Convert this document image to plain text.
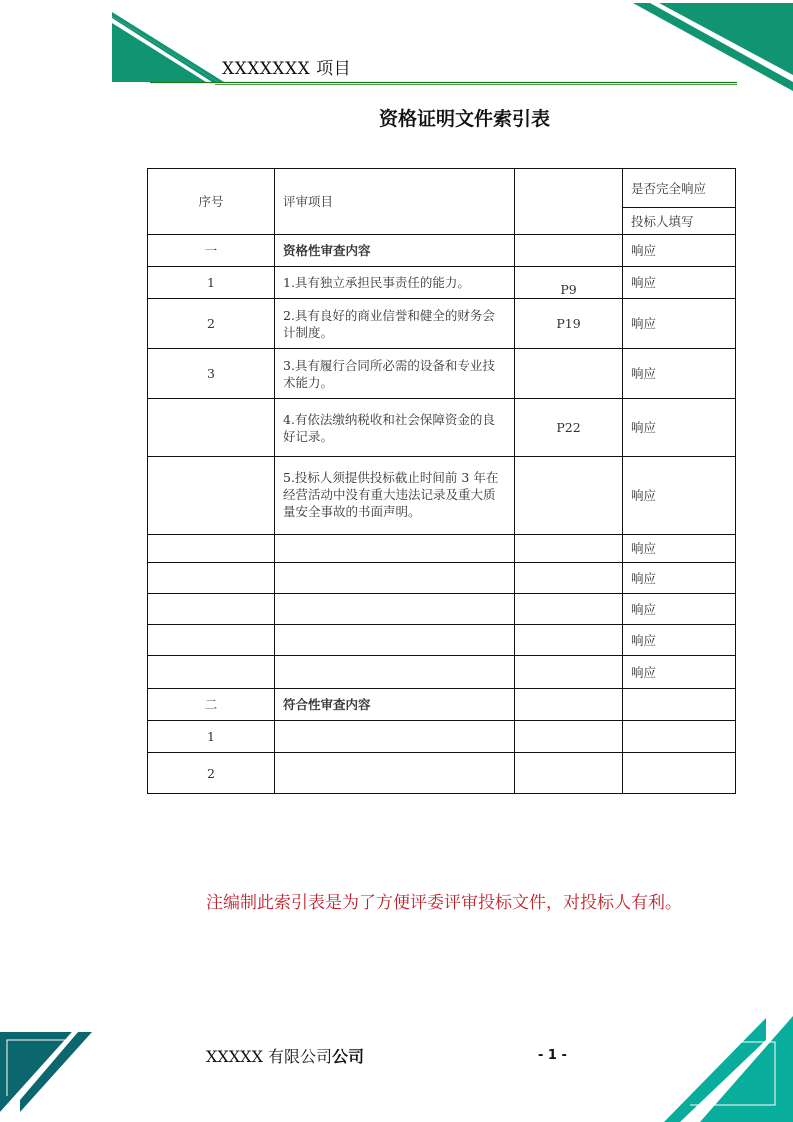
XXXXXXX 项目
资格证明文件索引表
序号	评审项目		是否完全响应
			投标人填写
一	资格性审查内容		响应
1	1.具有独立承担民事责任的能力。	P9	响应
2	2.具有良好的商业信誉和健全的财务会计制度。	P19	响应
3	3.具有履行合同所必需的设备和专业技术能力。		响应
	4.有依法缴纳税收和社会保障资金的良好记录。	P22	响应
	5.投标人须提供投标截止时间前 3 年在经营活动中没有重大违法记录及重大质量安全事故的书面声明。		响应
			响应
			响应
			响应
			响应
			响应
二	符合性审查内容		
1			
2			
注编制此索引表是为了方便评委评审投标文件，对投标人有利。
XXXXX 有限公司公司	- 1 -
